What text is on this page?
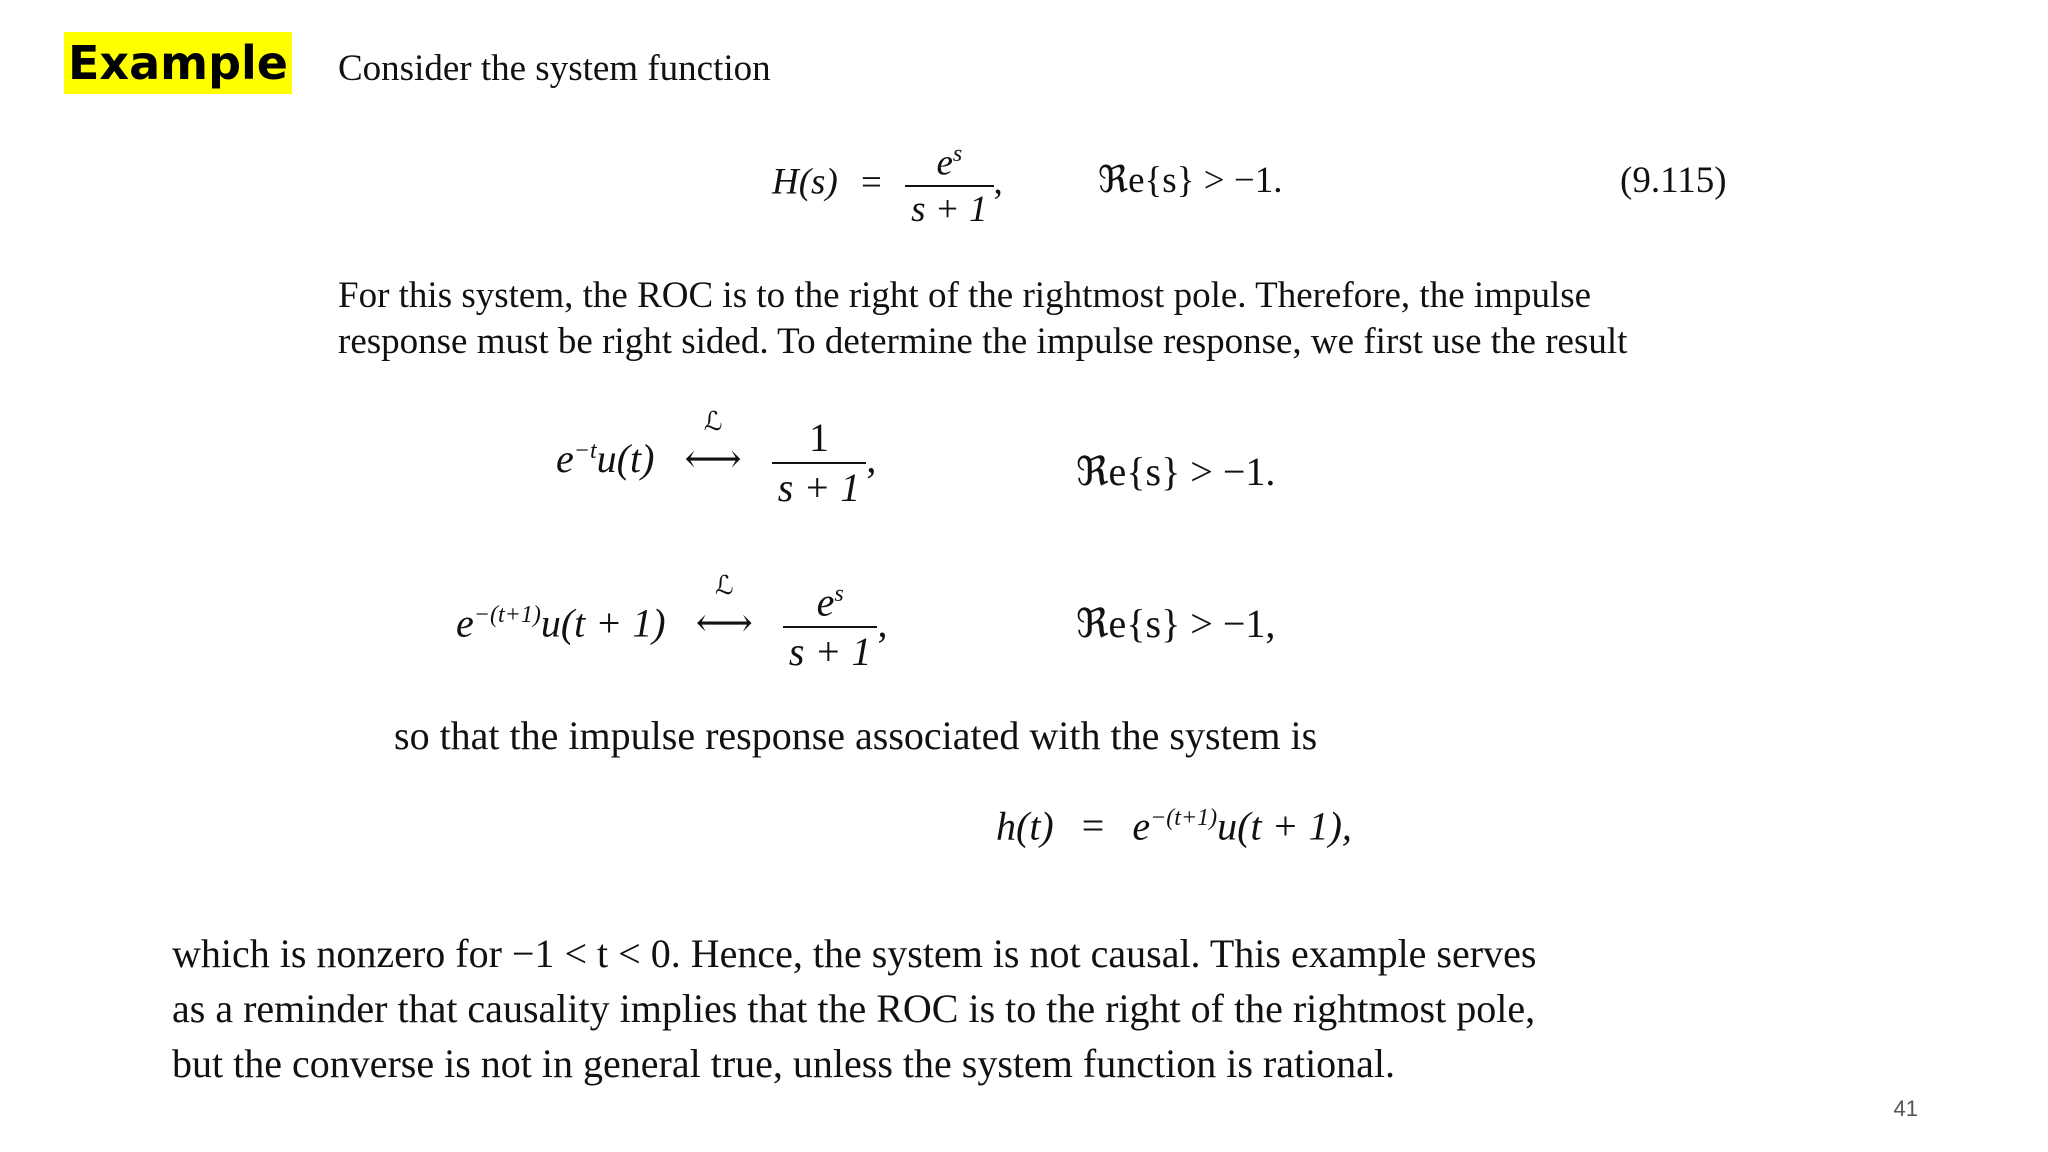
Example Consider the system function
$H(s) = \frac{e^s}{s + 1}$ ,	ℜe{s} > −1.	(9.115)
For this system, the ROC is to the right of the rightmost pole. Therefore, the impulse
response must be right sided. To determine the impulse response, we first use the result
$e^{-t}u(t)$
ℒ
⟷ $\frac{1}{s + 1}$ ,	ℜe{s} > −1.
$e^{-(t+1)}u(t + 1)$
ℒ
⟷ $\frac{e^s}{s + 1}$ ,	ℜe{s} > −1,
so that the impulse response associated with the system is
$h(t) = e^{-(t+1)}u(t + 1)$,
which is nonzero for −1 < t < 0. Hence, the system is not causal. This example serves
as a reminder that causality implies that the ROC is to the right of the rightmost pole,
but the converse is not in general true, unless the system function is rational.
41
